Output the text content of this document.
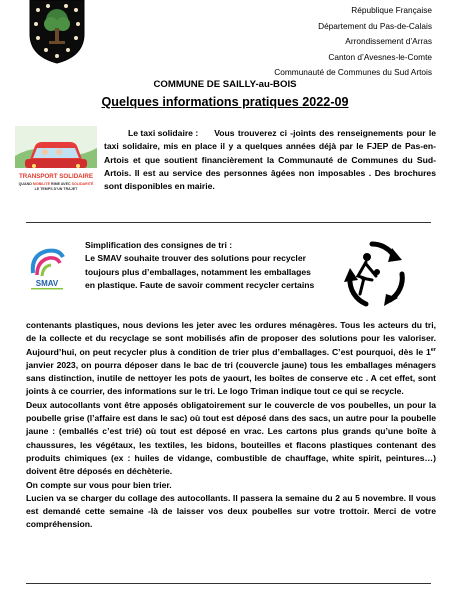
République Française
Département du Pas-de-Calais
Arrondissement d’Arras
Canton d’Avesnes-le-Comte
Communauté de Communes du Sud Artois
COMMUNE DE SAILLY-au-BOIS
Quelques informations pratiques 2022-09
TRANSPORT SOLIDAIRE
QUAND MOBILITÉ RIME AVEC SOLIDARITÉ
LE TEMPS D’UN TRAJET
Le taxi solidaire : Vous trouverez ci -joints des renseignements pour le taxi solidaire, mis en place il y a quelques années déjà par le FJEP de Pas-en-Artois et que soutient financièrement la Communauté de Communes du Sud-Artois. Il est au service des personnes âgées non imposables . Des brochures sont disponibles en mairie.
SMAV
Simplification des consignes de tri :
Le SMAV souhaite trouver des solutions pour recycler toujours plus d’emballages, notamment les emballages en plastique. Faute de savoir comment recycler certains

contenants plastiques, nous devions les jeter avec les ordures ménagères. Tous les acteurs du tri, de la collecte et du recyclage se sont mobilisés afin de proposer des solutions pour les valoriser. Aujourd’hui, on peut recycler plus à condition de trier plus d’emballages. C’est pourquoi, dès le 1er janvier 2023, on pourra déposer dans le bac de tri (couvercle jaune) tous les emballages ménagers sans distinction, inutile de nettoyer les pots de yaourt, les boîtes de conserve etc . A cet effet, sont joints à ce courrier, des informations sur le tri. Le logo Triman indique tout ce qui se recycle.

Deux autocollants vont être apposés obligatoirement sur le couvercle de vos poubelles, un pour la poubelle grise (l’affaire est dans le sac) où tout est déposé dans des sacs, un autre pour la poubelle jaune : (emballés c’est trié) où tout est déposé en vrac. Les cartons plus grands qu’une boîte à chaussures, les végétaux, les textiles, les bidons, bouteilles et flacons plastiques contenant des produits chimiques (ex : huiles de vidange, combustible de chauffage, white spirit, peintures…) doivent être déposés en déchèterie.

On compte sur vous pour bien trier.

Lucien va se charger du collage des autocollants. Il passera la semaine du 2 au 5 novembre. Il vous est demandé cette semaine -là de laisser vos deux poubelles sur votre trottoir. Merci de votre compréhension.
